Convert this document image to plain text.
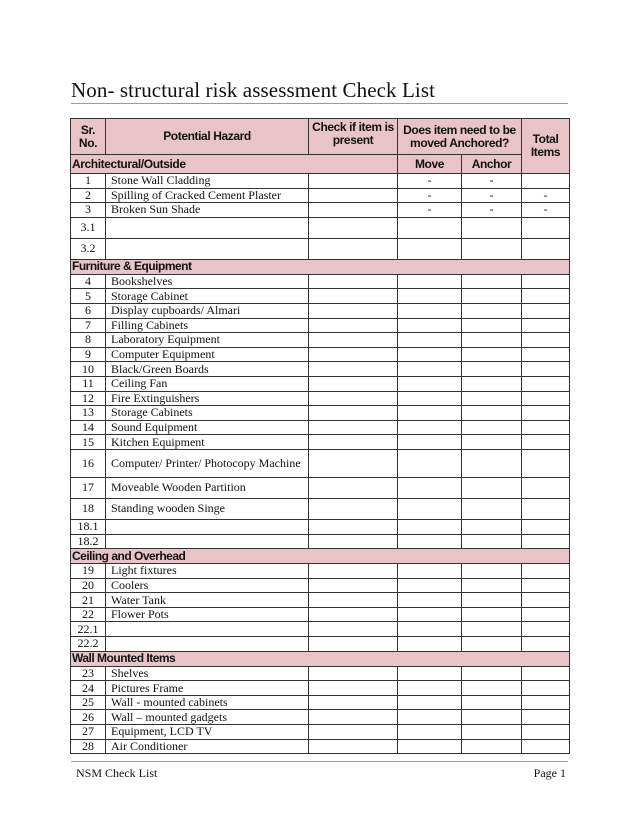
Non- structural risk assessment Check List
Sr. No.	Potential Hazard	Check if item is present	Does item need to be moved Anchored?		Total Items
Architectural/Outside			Move	Anchor	
1	Stone Wall Cladding		-	-	
2	Spilling of Cracked Cement Plaster		-	-	-
3	Broken Sun Shade		-	-	-
3.1					
3.2					
Furniture & Equipment					
4	Bookshelves				
5	Storage Cabinet				
6	Display cupboards/ Almari				
7	Filling Cabinets				
8	Laboratory Equipment				
9	Computer Equipment				
10	Black/Green Boards				
11	Ceiling Fan				
12	Fire Extinguishers				
13	Storage Cabinets				
14	Sound Equipment				
15	Kitchen Equipment				
16	Computer/ Printer/ Photocopy Machine				
17	Moveable Wooden Partition				
18	Standing wooden Singe				
18.1					
18.2					
Ceiling and Overhead					
19	Light fixtures				
20	Coolers				
21	Water Tank				
22	Flower Pots				
22.1					
22.2					
Wall Mounted Items					
23	Shelves				
24	Pictures Frame				
25	Wall - mounted cabinets				
26	Wall – mounted gadgets				
27	Equipment, LCD TV				
28	Air Conditioner				
NSM Check List	Page 1
